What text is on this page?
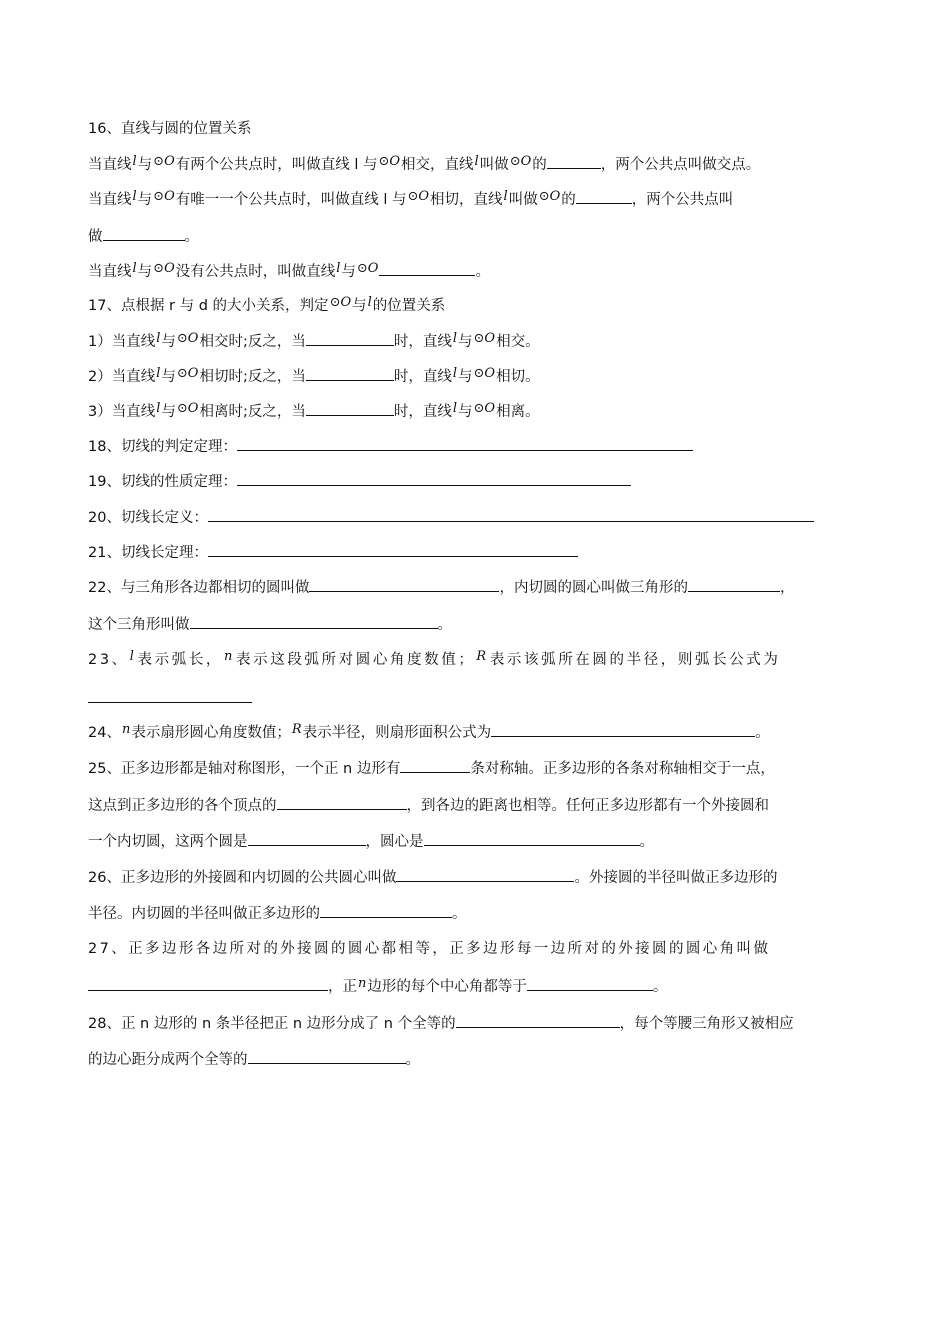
16、直线与圆的位置关系
当直线l与⊙O有两个公共点时，叫做直线 l 与⊙O相交，直线l叫做⊙O的	，两个公共点叫做交点。
当直线l与⊙O有唯一一个公共点时，叫做直线 l 与⊙O相切，直线l叫做⊙O的	，两个公共点叫
做	。
当直线l与⊙O没有公共点时，叫做直线l与⊙O	。
17、点根据 r 与 d 的大小关系，判定⊙O与l的位置关系
1）当直线l与⊙O相交时;反之，当	时，直线l与⊙O相交。
2）当直线l与⊙O相切时;反之，当	时，直线l与⊙O相切。
3）当直线l与⊙O相离时;反之，当	时，直线l与⊙O相离。
18、切线的判定定理：
19、切线的性质定理：
20、切线长定义：
21、切线长定理：
22、与三角形各边都相切的圆叫做	，内切圆的圆心叫做三角形的	，
这个三角形叫做	。
23、l表示弧长，n表示这段弧所对圆心角度数值；R表示该弧所在圆的半径，则弧长公式为
24、n表示扇形圆心角度数值；R表示半径，则扇形面积公式为	。
25、正多边形都是轴对称图形，一个正 n 边形有	条对称轴。正多边形的各条对称轴相交于一点，
这点到正多边形的各个顶点的	，到各边的距离也相等。任何正多边形都有一个外接圆和
一个内切圆，这两个圆是	，圆心是	。
26、正多边形的外接圆和内切圆的公共圆心叫做	。外接圆的半径叫做正多边形的
半径。内切圆的半径叫做正多边形的	。
27、正多边形各边所对的外接圆的圆心都相等，正多边形每一边所对的外接圆的圆心角叫做
，正n边形的每个中心角都等于	。
28、正 n 边形的 n 条半径把正 n 边形分成了 n 个全等的	，每个等腰三角形又被相应
的边心距分成两个全等的	。
